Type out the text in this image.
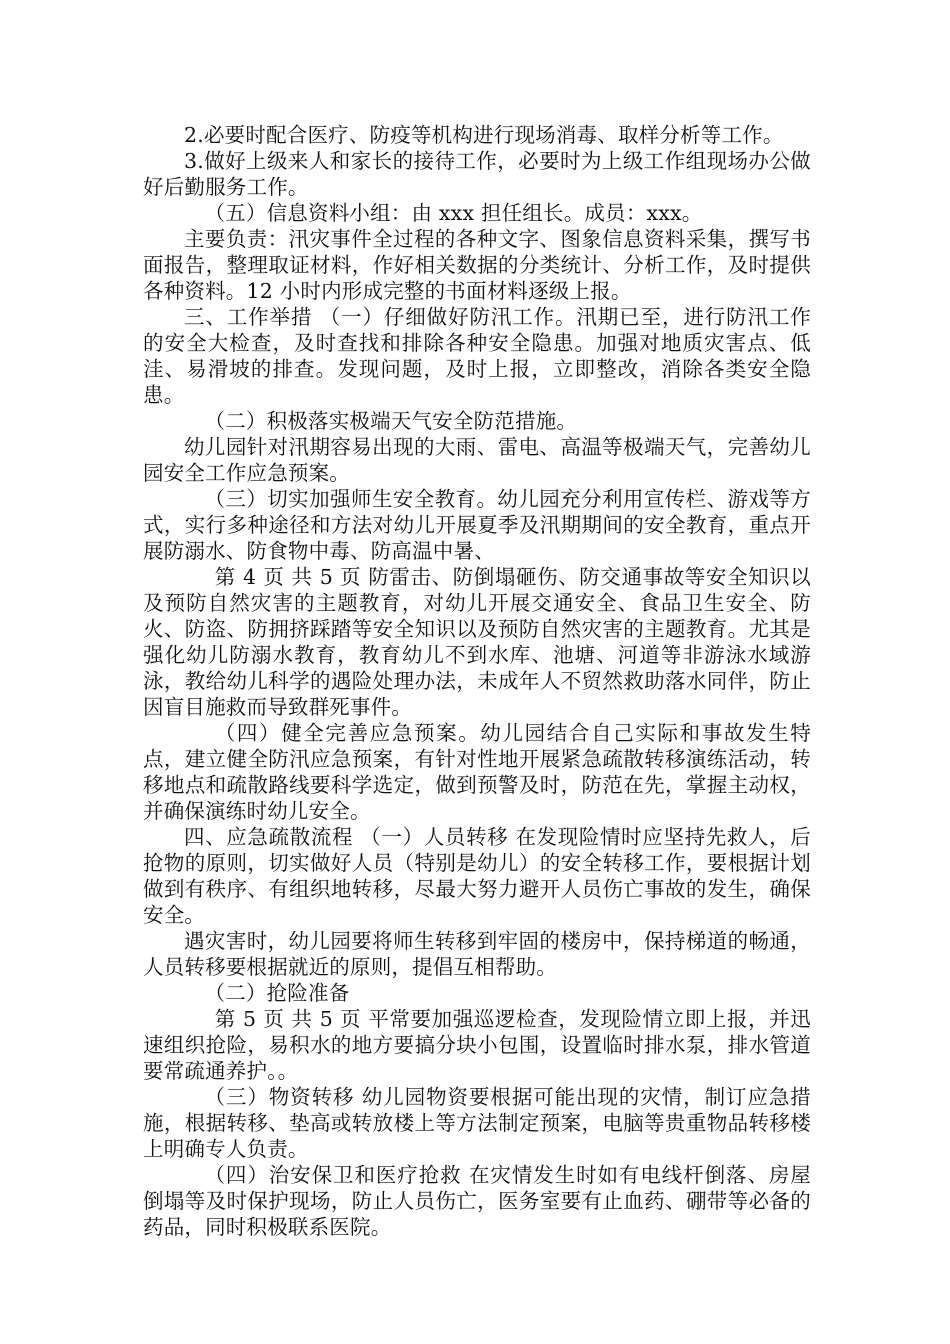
2.必要时配合医疗、防疫等机构进行现场消毒、取样分析等工作。

3.做好上级来人和家长的接待工作，必要时为上级工作组现场办公做好后勤服务工作。

（五）信息资料小组：由 xxx 担任组长。成员：xxx。

主要负责：汛灾事件全过程的各种文字、图象信息资料采集，撰写书面报告，整理取证材料，作好相关数据的分类统计、分析工作，及时提供各种资料。12 小时内形成完整的书面材料逐级上报。

三、工作举措 （一）仔细做好防汛工作。汛期已至，进行防汛工作的安全大检查，及时查找和排除各种安全隐患。加强对地质灾害点、低洼、易滑坡的排查。发现问题，及时上报，立即整改，消除各类安全隐患。

（二）积极落实极端天气安全防范措施。

幼儿园针对汛期容易出现的大雨、雷电、高温等极端天气，完善幼儿园安全工作应急预案。

（三）切实加强师生安全教育。幼儿园充分利用宣传栏、游戏等方式，实行多种途径和方法对幼儿开展夏季及汛期期间的安全教育，重点开展防溺水、防食物中毒、防高温中暑、

第 4 页 共 5 页 防雷击、防倒塌砸伤、防交通事故等安全知识以及预防自然灾害的主题教育，对幼儿开展交通安全、食品卫生安全、防火、防盗、防拥挤踩踏等安全知识以及预防自然灾害的主题教育。尤其是强化幼儿防溺水教育，教育幼儿不到水库、池塘、河道等非游泳水域游泳，教给幼儿科学的遇险处理办法，未成年人不贸然救助落水同伴，防止因盲目施救而导致群死事件。

（四）健全完善应急预案。幼儿园结合自己实际和事故发生特点，建立健全防汛应急预案，有针对性地开展紧急疏散转移演练活动，转移地点和疏散路线要科学选定，做到预警及时，防范在先，掌握主动权，并确保演练时幼儿安全。

四、应急疏散流程 （一）人员转移 在发现险情时应坚持先救人，后抢物的原则，切实做好人员（特别是幼儿）的安全转移工作，要根据计划做到有秩序、有组织地转移，尽最大努力避开人员伤亡事故的发生，确保安全。

遇灾害时，幼儿园要将师生转移到牢固的楼房中，保持梯道的畅通，人员转移要根据就近的原则，提倡互相帮助。

（二）抢险准备

第 5 页 共 5 页 平常要加强巡逻检查，发现险情立即上报，并迅速组织抢险，易积水的地方要搞分块小包围，设置临时排水泵，排水管道要常疏通养护。。

（三）物资转移 幼儿园物资要根据可能出现的灾情，制订应急措施，根据转移、垫高或转放楼上等方法制定预案，电脑等贵重物品转移楼上明确专人负责。

（四）治安保卫和医疗抢救 在灾情发生时如有电线杆倒落、房屋倒塌等及时保护现场，防止人员伤亡，医务室要有止血药、硼带等必备的药品，同时积极联系医院。
